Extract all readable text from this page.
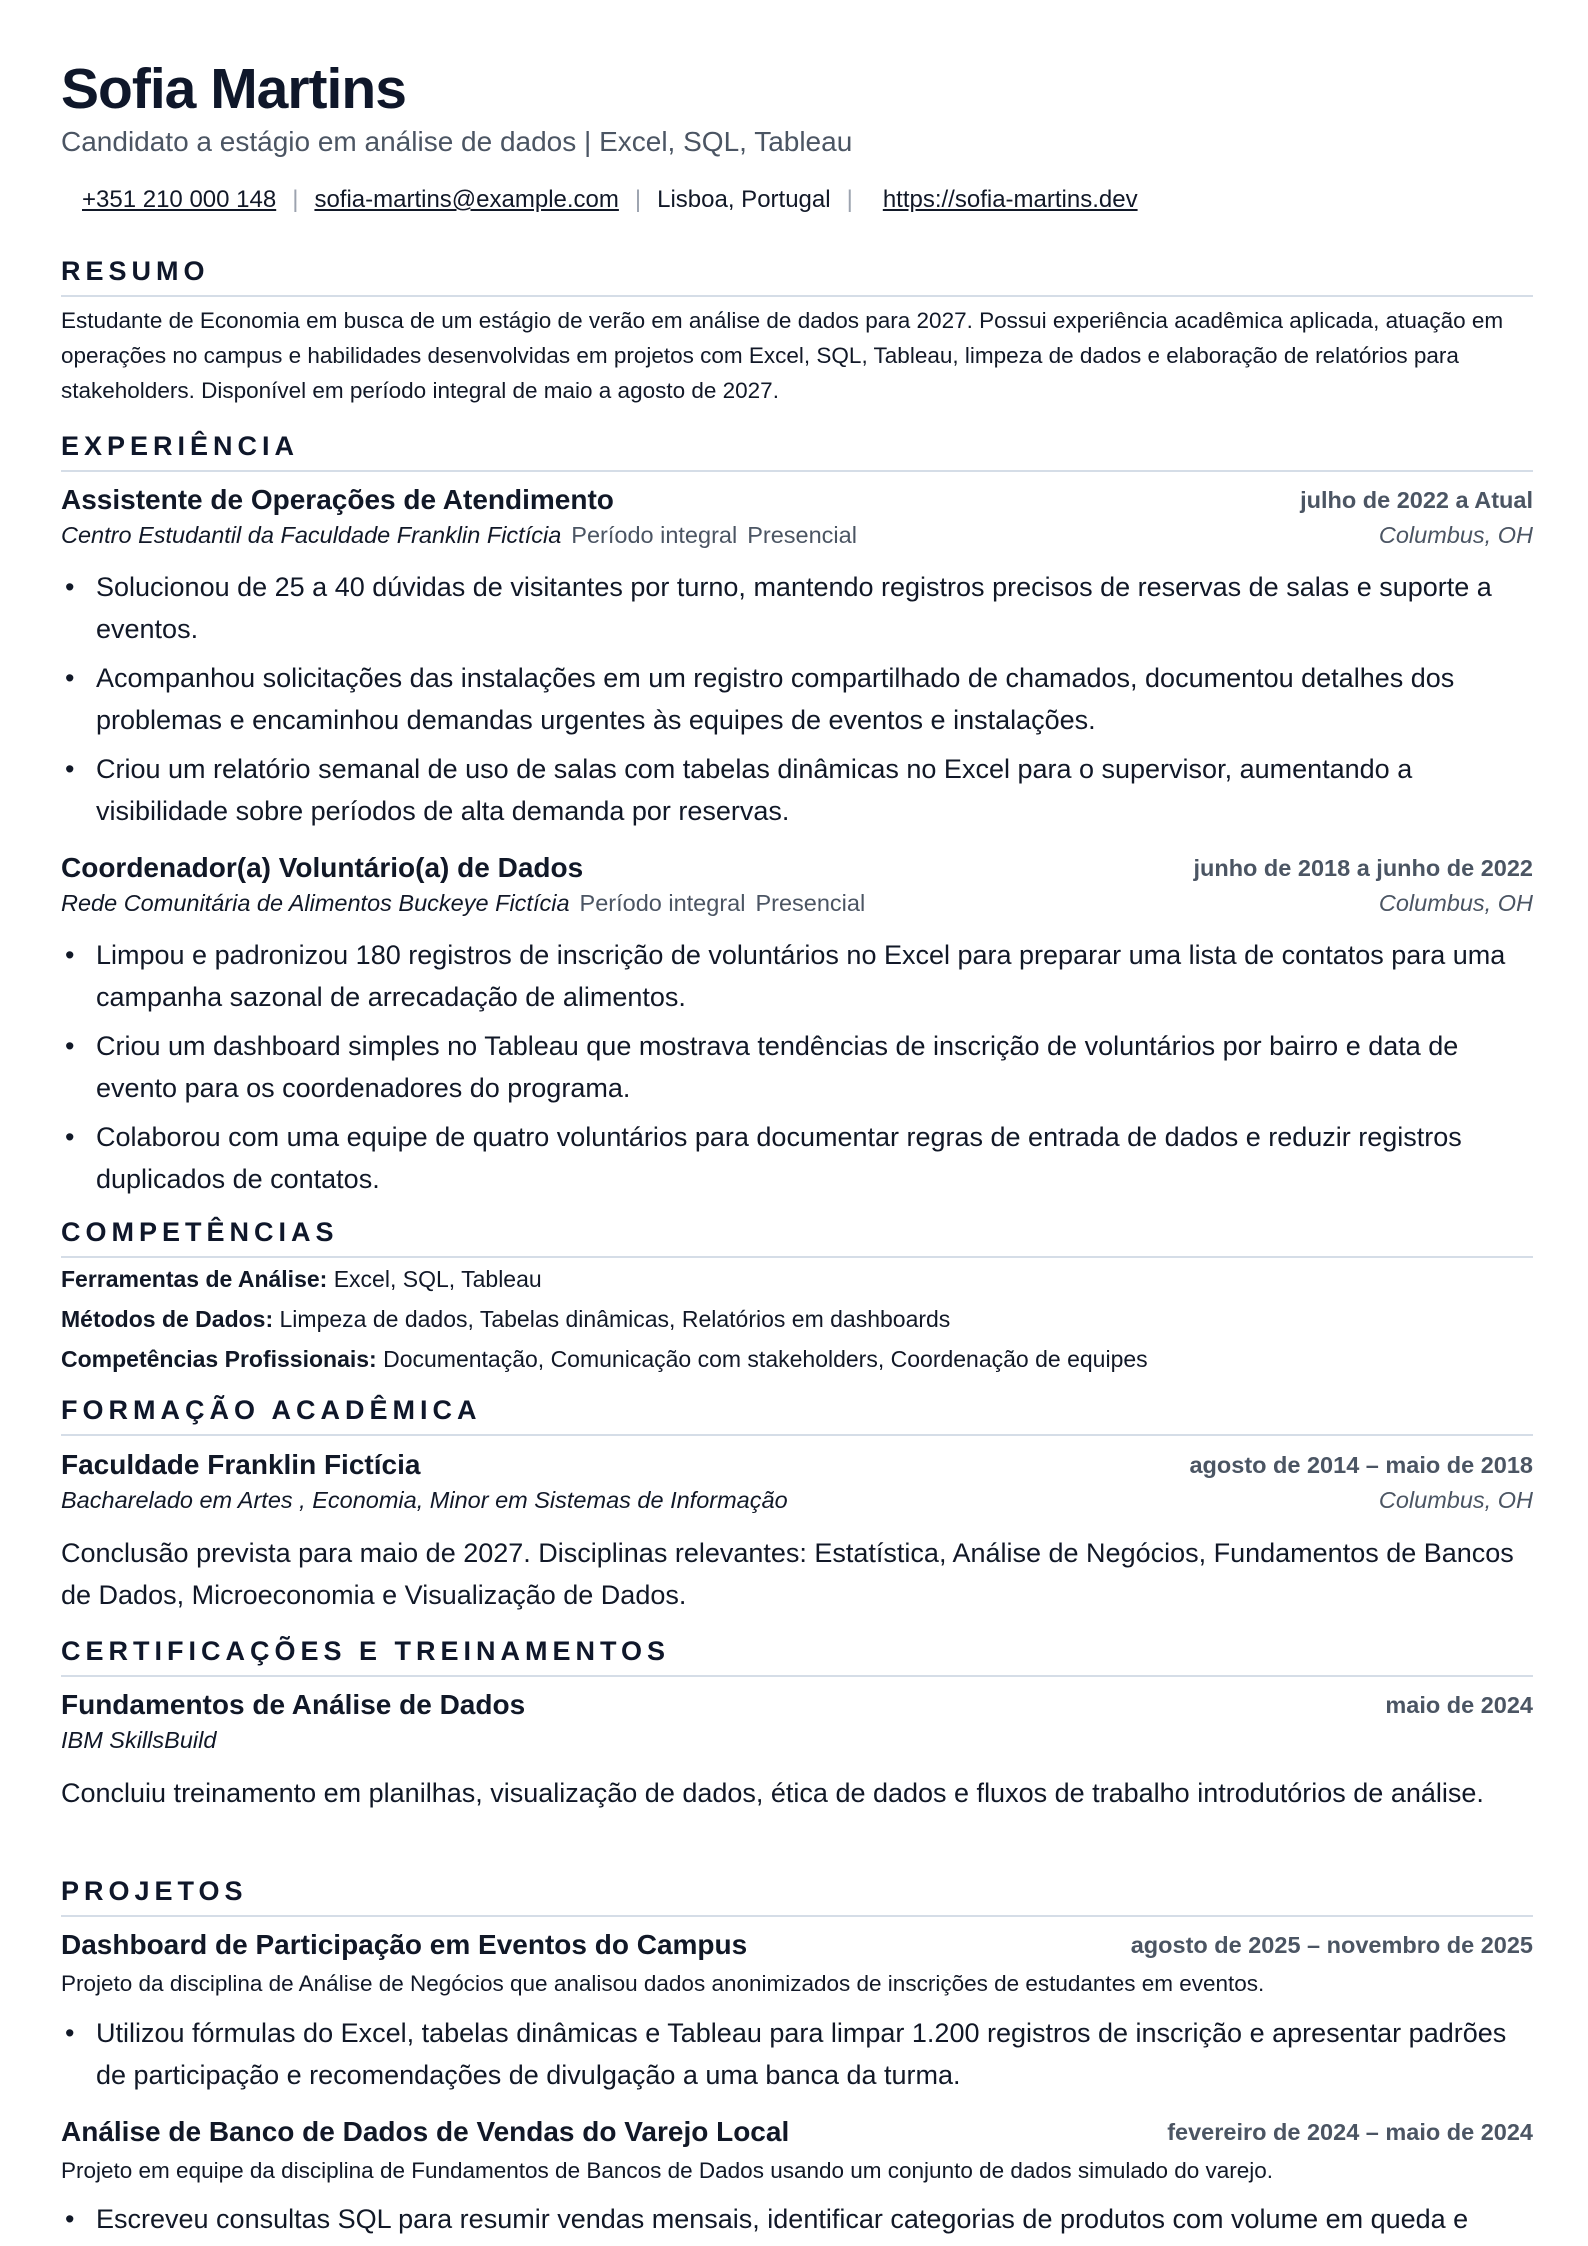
Sofia Martins
Candidato a estágio em análise de dados | Excel, SQL, Tableau
+351 210 000 148 | sofia-martins@example.com | Lisboa, Portugal | https://sofia-martins.dev
RESUMO
Estudante de Economia em busca de um estágio de verão em análise de dados para 2027. Possui experiência acadêmica aplicada, atuação em operações no campus e habilidades desenvolvidas em projetos com Excel, SQL, Tableau, limpeza de dados e elaboração de relatórios para stakeholders. Disponível em período integral de maio a agosto de 2027.
EXPERIÊNCIA
Assistente de Operações de Atendimento	julho de 2022 a Atual
Centro Estudantil da Faculdade Franklin Fictícia Período integral Presencial	Columbus, OH
• Solucionou de 25 a 40 dúvidas de visitantes por turno, mantendo registros precisos de reservas de salas e suporte a eventos.
• Acompanhou solicitações das instalações em um registro compartilhado de chamados, documentou detalhes dos problemas e encaminhou demandas urgentes às equipes de eventos e instalações.
• Criou um relatório semanal de uso de salas com tabelas dinâmicas no Excel para o supervisor, aumentando a visibilidade sobre períodos de alta demanda por reservas.
Coordenador(a) Voluntário(a) de Dados	junho de 2018 a junho de 2022
Rede Comunitária de Alimentos Buckeye Fictícia Período integral Presencial	Columbus, OH
• Limpou e padronizou 180 registros de inscrição de voluntários no Excel para preparar uma lista de contatos para uma campanha sazonal de arrecadação de alimentos.
• Criou um dashboard simples no Tableau que mostrava tendências de inscrição de voluntários por bairro e data de evento para os coordenadores do programa.
• Colaborou com uma equipe de quatro voluntários para documentar regras de entrada de dados e reduzir registros duplicados de contatos.
COMPETÊNCIAS
Ferramentas de Análise: Excel, SQL, Tableau
Métodos de Dados: Limpeza de dados, Tabelas dinâmicas, Relatórios em dashboards
Competências Profissionais: Documentação, Comunicação com stakeholders, Coordenação de equipes
FORMAÇÃO ACADÊMICA
Faculdade Franklin Fictícia	agosto de 2014 – maio de 2018
Bacharelado em Artes , Economia, Minor em Sistemas de Informação	Columbus, OH
Conclusão prevista para maio de 2027. Disciplinas relevantes: Estatística, Análise de Negócios, Fundamentos de Bancos de Dados, Microeconomia e Visualização de Dados.
CERTIFICAÇÕES E TREINAMENTOS
Fundamentos de Análise de Dados	maio de 2024
IBM SkillsBuild
Concluiu treinamento em planilhas, visualização de dados, ética de dados e fluxos de trabalho introdutórios de análise.
PROJETOS
Dashboard de Participação em Eventos do Campus	agosto de 2025 – novembro de 2025
Projeto da disciplina de Análise de Negócios que analisou dados anonimizados de inscrições de estudantes em eventos.
• Utilizou fórmulas do Excel, tabelas dinâmicas e Tableau para limpar 1.200 registros de inscrição e apresentar padrões de participação e recomendações de divulgação a uma banca da turma.
Análise de Banco de Dados de Vendas do Varejo Local	fevereiro de 2024 – maio de 2024
Projeto em equipe da disciplina de Fundamentos de Bancos de Dados usando um conjunto de dados simulado do varejo.
• Escreveu consultas SQL para resumir vendas mensais, identificar categorias de produtos com volume em queda e
